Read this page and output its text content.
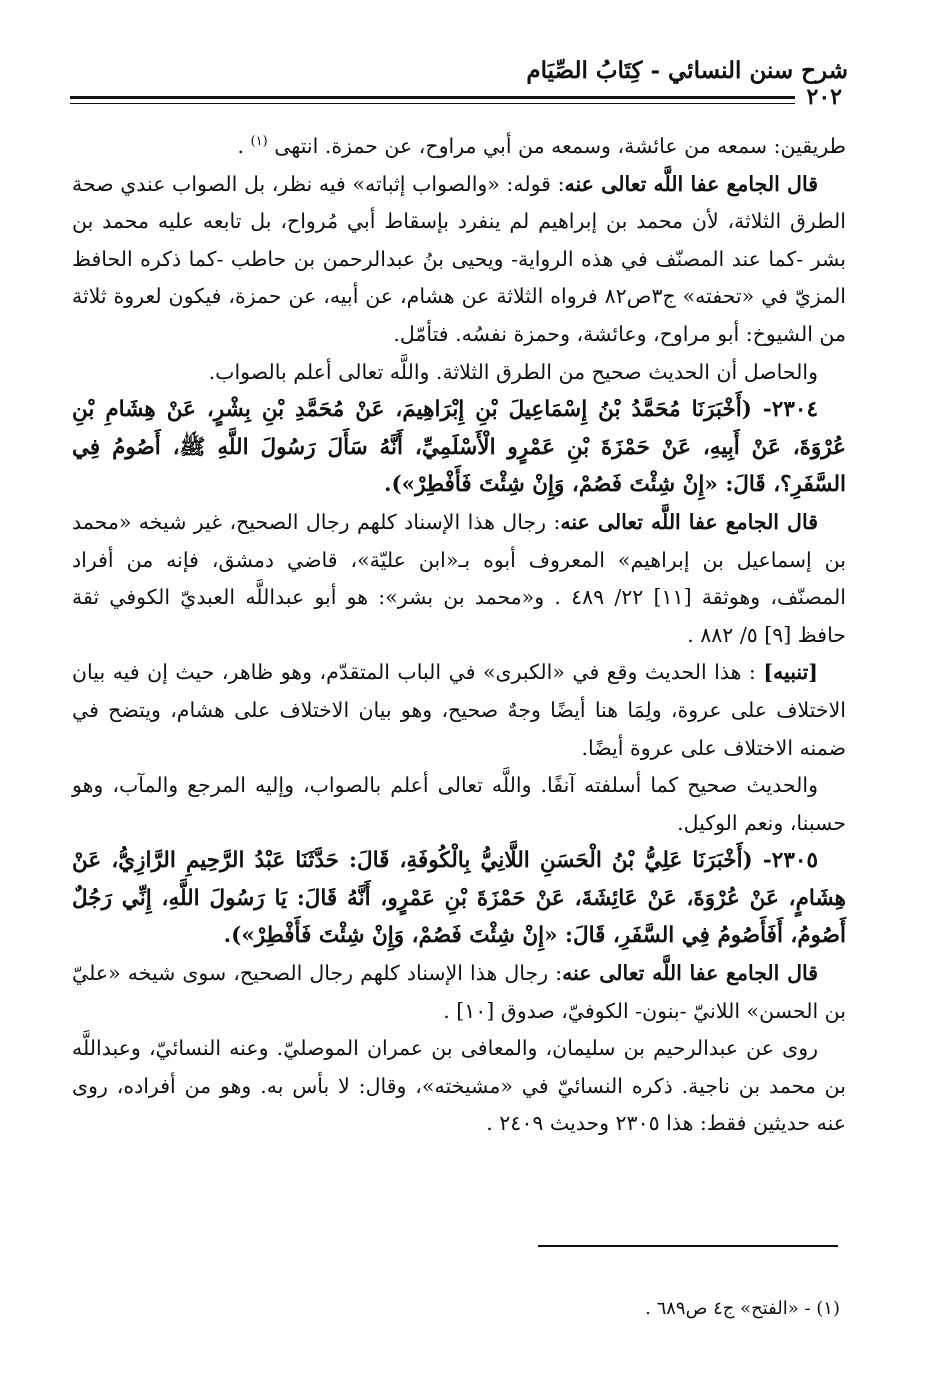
شرح سنن النسائي - كِتَابُ الصِّيَام
٢٠٢

طريقين: سمعه من عائشة، وسمعه من أبي مراوح، عن حمزة. انتهى $^{(١)}$ .

قال الجامع عفا اللَّه تعالى عنه: قوله: «والصواب إثباته» فيه نظر، بل الصواب عندي صحة الطرق الثلاثة، لأن محمد بن إبراهيم لم ينفرد بإسقاط أبي مُرواح، بل تابعه عليه محمد بن بشر -كما عند المصنّف في هذه الرواية- ويحيى بنُ عبدالرحمن بن حاطب -كما ذكره الحافظ المزيّ في «تحفته» ج٣ص٨٢ فرواه الثلاثة عن هشام، عن أبيه، عن حمزة، فيكون لعروة ثلاثة من الشيوخ: أبو مراوح، وعائشة، وحمزة نفسُه. فتأمّل.

والحاصل أن الحديث صحيح من الطرق الثلاثة. واللَّه تعالى أعلم بالصواب.

٢٣٠٤- (أَخْبَرَنَا مُحَمَّدُ بْنُ إِسْمَاعِيلَ بْنِ إِبْرَاهِيمَ، عَنْ مُحَمَّدِ بْنِ بِشْرٍ، عَنْ هِشَامِ بْنِ عُرْوَةَ، عَنْ أَبِيهِ، عَنْ حَمْزَةَ بْنِ عَمْرٍو الْأَسْلَمِيِّ، أَنَّهُ سَأَلَ رَسُولَ اللَّهِ ﷺ، أَصُومُ فِي السَّفَرِ؟، قَالَ: «إِنْ شِئْتَ فَصُمْ، وَإِنْ شِئْتَ فَأَفْطِرْ»).

قال الجامع عفا اللَّه تعالى عنه: رجال هذا الإسناد كلهم رجال الصحيح، غير شيخه «محمد بن إسماعيل بن إبراهيم» المعروف أبوه بـ«ابن عليّة»، قاضي دمشق، فإنه من أفراد المصنّف، وهوثقة [١١] ٢٢/ ٤٨٩ . و«محمد بن بشر»: هو أبو عبداللَّه العبديّ الكوفي ثقة حافظ [٩] ٥/ ٨٨٢ .

[تنبيه] : هذا الحديث وقع في «الكبرى» في الباب المتقدّم، وهو ظاهر، حيث إن فيه بيان الاختلاف على عروة، ولِمَا هنا أيضًا وجهٌ صحيح، وهو بيان الاختلاف على هشام، ويتضح في ضمنه الاختلاف على عروة أيضًا.

والحديث صحيح كما أسلفته آنفًا. واللَّه تعالى أعلم بالصواب، وإليه المرجع والمآب، وهو حسبنا، ونعم الوكيل.

٢٣٠٥- (أَخْبَرَنَا عَلِيُّ بْنُ الْحَسَنِ اللَّانِيُّ بِالْكُوفَةِ، قَالَ: حَدَّثَنَا عَبْدُ الرَّحِيمِ الرَّازِيُّ، عَنْ هِشَامٍ، عَنْ عُرْوَةَ، عَنْ عَائِشَةَ، عَنْ حَمْزَةَ بْنِ عَمْرٍو، أَنَّهُ قَالَ: يَا رَسُولَ اللَّهِ، إِنِّي رَجُلٌ أَصُومُ، أَفَأَصُومُ فِي السَّفَرِ، قَالَ: «إِنْ شِئْتَ فَصُمْ، وَإِنْ شِئْتَ فَأَفْطِرْ»).

قال الجامع عفا اللَّه تعالى عنه: رجال هذا الإسناد كلهم رجال الصحيح، سوى شيخه «عليّ بن الحسن» اللانيّ -بنون- الكوفيّ، صدوق [١٠] .

روى عن عبدالرحيم بن سليمان، والمعافى بن عمران الموصليّ. وعنه النسائيّ، وعبداللَّه بن محمد بن ناجية. ذكره النسائيّ في «مشيخته»، وقال: لا بأس به. وهو من أفراده، روى عنه حديثين فقط: هذا ٢٣٠٥ وحديث ٢٤٠٩ .

(١) - «الفتح» ج٤ ص٦٨٩ .
